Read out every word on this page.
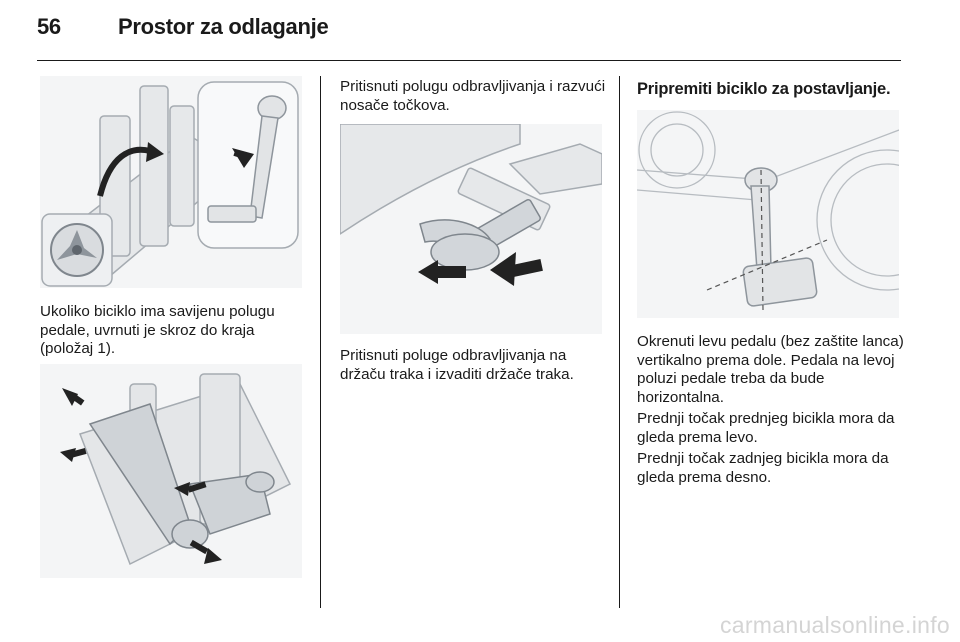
56	Prostor za odlaganje

Ukoliko biciklo ima savijenu polugu pedale, uvrnuti je skroz do kraja (položaj 1).

Pritisnuti polugu odbravljivanja i razvući nosače točkova.

Pritisnuti poluge odbravljivanja na držaču traka i izvaditi držače traka.

Pripremiti biciklo za postavljanje.

Okrenuti levu pedalu (bez zaštite lanca) vertikalno prema dole. Pedala na levoj poluzi pedale treba da bude horizontalna.

Prednji točak prednjeg bicikla mora da gleda prema levo.

Prednji točak zadnjeg bicikla mora da gleda prema desno.

carmanualsonline.info
